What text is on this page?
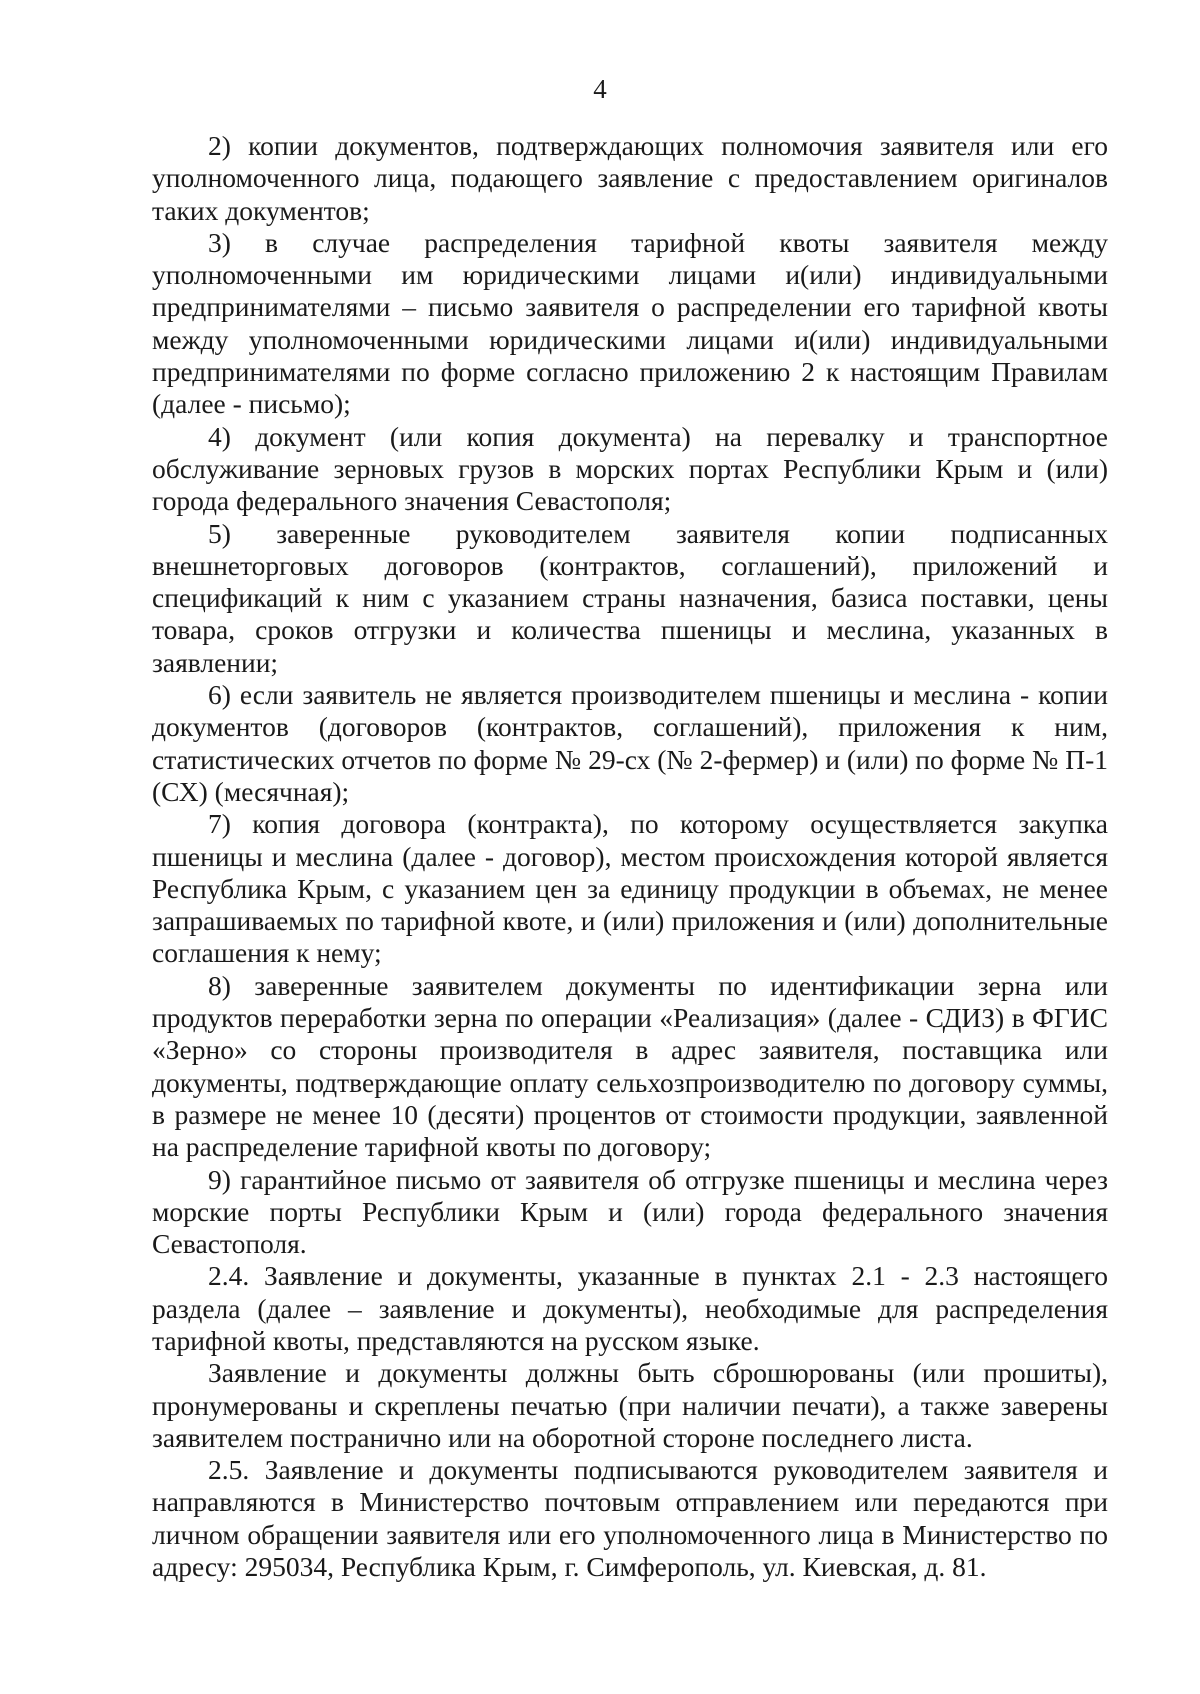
4

2) копии документов, подтверждающих полномочия заявителя или его уполномоченного лица, подающего заявление с предоставлением оригиналов таких документов;

3) в случае распределения тарифной квоты заявителя между уполномоченными им юридическими лицами и(или) индивидуальными предпринимателями – письмо заявителя о распределении его тарифной квоты между уполномоченными юридическими лицами и(или) индивидуальными предпринимателями по форме согласно приложению 2 к настоящим Правилам (далее - письмо);

4) документ (или копия документа) на перевалку и транспортное обслуживание зерновых грузов в морских портах Республики Крым и (или) города федерального значения Севастополя;

5) заверенные руководителем заявителя копии подписанных внешнеторговых договоров (контрактов, соглашений), приложений и спецификаций к ним с указанием страны назначения, базиса поставки, цены товара, сроков отгрузки и количества пшеницы и меслина, указанных в заявлении;

6) если заявитель не является производителем пшеницы и меслина - копии документов (договоров (контрактов, соглашений), приложения к ним, статистических отчетов по форме № 29-сх (№ 2-фермер) и (или) по форме № П-1 (СХ) (месячная);

7) копия договора (контракта), по которому осуществляется закупка пшеницы и меслина (далее - договор), местом происхождения которой является Республика Крым, с указанием цен за единицу продукции в объемах, не менее запрашиваемых по тарифной квоте, и (или) приложения и (или) дополнительные соглашения к нему;

8) заверенные заявителем документы по идентификации зерна или продуктов переработки зерна по операции «Реализация» (далее - СДИЗ) в ФГИС «Зерно» со стороны производителя в адрес заявителя, поставщика или документы, подтверждающие оплату сельхозпроизводителю по договору суммы, в размере не менее 10 (десяти) процентов от стоимости продукции, заявленной на распределение тарифной квоты по договору;

9) гарантийное письмо от заявителя об отгрузке пшеницы и меслина через морские порты Республики Крым и (или) города федерального значения Севастополя.

2.4. Заявление и документы, указанные в пунктах 2.1 - 2.3 настоящего раздела (далее – заявление и документы), необходимые для распределения тарифной квоты, представляются на русском языке.

Заявление и документы должны быть сброшюрованы (или прошиты), пронумерованы и скреплены печатью (при наличии печати), а также заверены заявителем постранично или на оборотной стороне последнего листа.

2.5. Заявление и документы подписываются руководителем заявителя и направляются в Министерство почтовым отправлением или передаются при личном обращении заявителя или его уполномоченного лица в Министерство по адресу: 295034, Республика Крым, г. Симферополь, ул. Киевская, д. 81.
